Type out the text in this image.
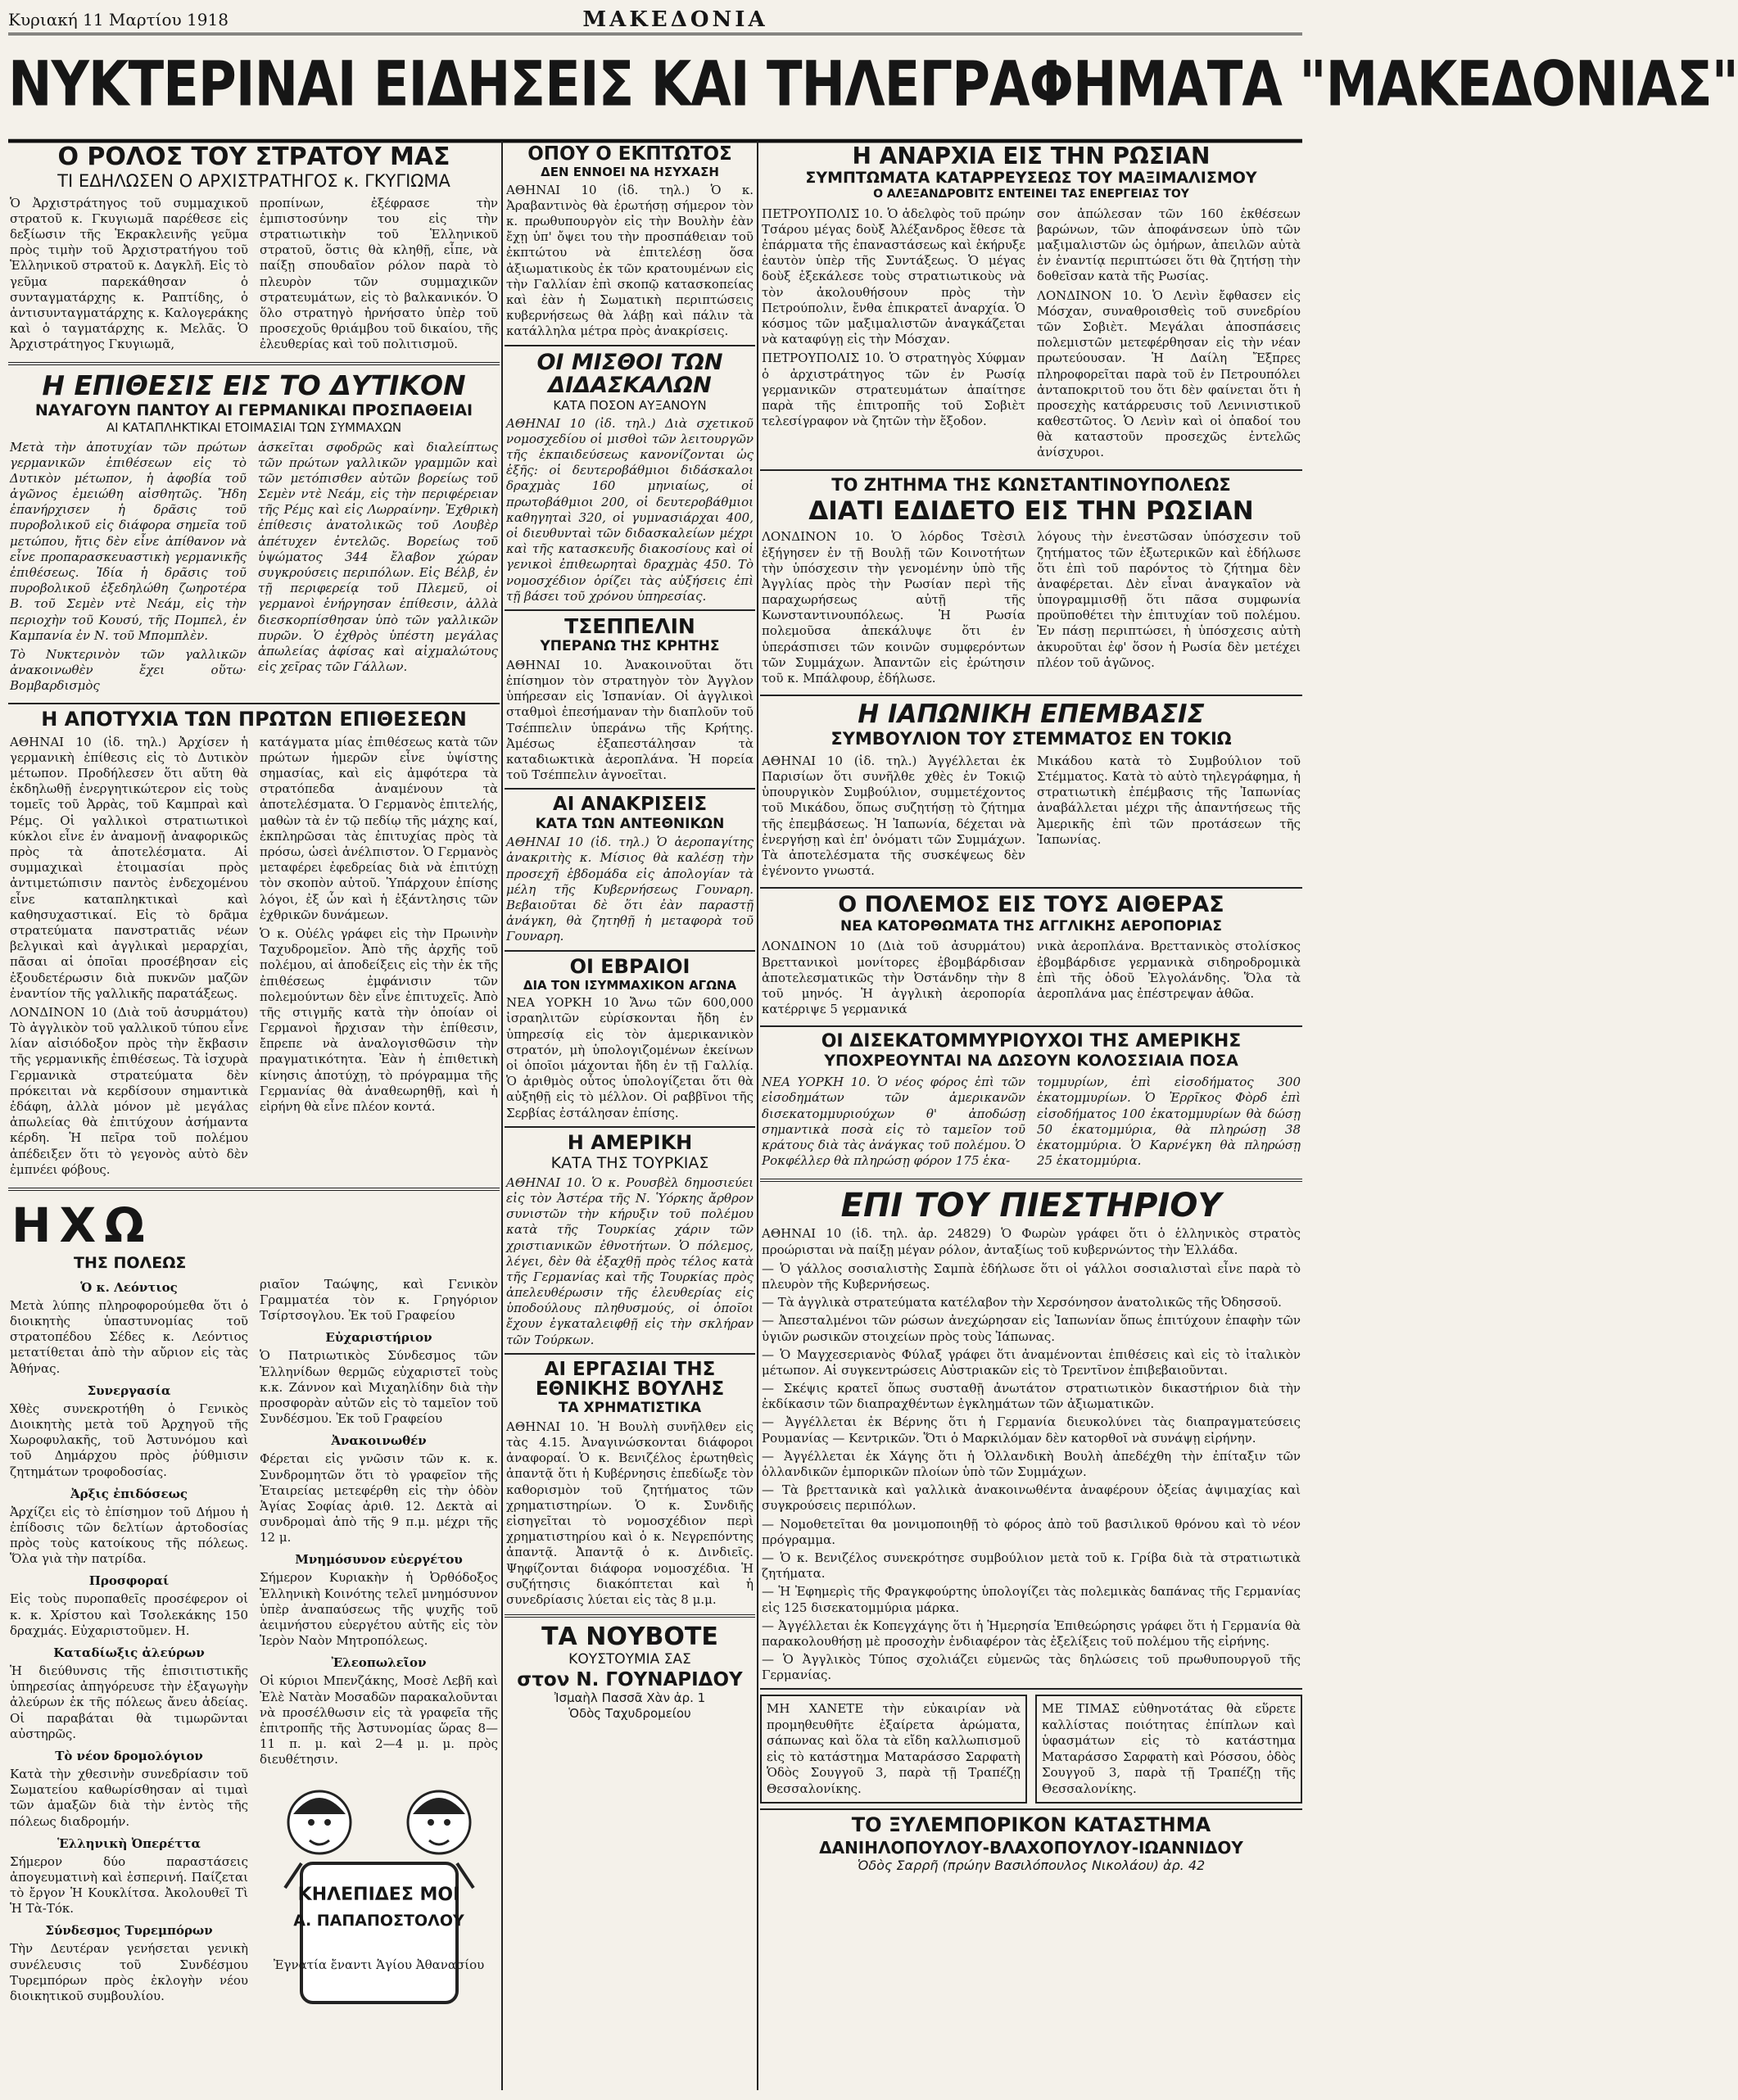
Κυριακή 11 Μαρτίου 1918	ΜΑΚΕΔΟΝΙΑ
ΝΥΚΤΕΡΙΝΑΙ ΕΙΔΗΣΕΙΣ ΚΑΙ ΤΗΛΕΓΡΑΦΗΜΑΤΑ "ΜΑΚΕΔΟΝΙΑΣ"
Ο ΡΟΛΟΣ ΤΟΥ ΣΤΡΑΤΟΥ ΜΑΣ
ΤΙ ΕΔΗΛΩΣΕΝ Ο ΑΡΧΙΣΤΡΑΤΗΓΟΣ κ. ΓΚΥΓΙΩΜΑ
Ὁ Ἀρχιστράτηγος τοῦ συμμαχικοῦ στρατοῦ κ. Γκυγιωμᾶ παρέθεσε εἰς δεξίωσιν τῆς Ἑκρακλεινῆς γεῦμα πρὸς τιμὴν τοῦ Ἀρχιστρατήγου τοῦ Ἑλληνικοῦ στρατοῦ κ. Δαγκλῆ. Εἰς τὸ γεῦμα παρεκάθησαν ὁ συνταγματάρχης κ. Ραπτίδης, ὁ ἀντισυνταγματάρχης κ. Καλογεράκης καὶ ὁ ταγματάρχης κ. Μελᾶς. Ὁ Ἀρχιστράτηγος Γκυγιωμᾶ,
προπίνων, ἐξέφρασε τὴν ἐμπιστοσύνην του εἰς τὴν στρατιωτικὴν τοῦ Ἑλληνικοῦ στρατοῦ, ὅστις θὰ κληθῇ, εἶπε, νὰ παίξῃ σπουδαῖον ρόλον παρὰ τὸ πλευρὸν τῶν συμμαχικῶν στρατευμάτων, εἰς τὸ βαλκανικόν. Ὁ ὅλο στρατηγὸ ἠρνήσατο ὑπὲρ τοῦ προσεχοῦς θριάμβου τοῦ δικαίου, τῆς ἐλευθερίας καὶ τοῦ πολιτισμοῦ.
Η ΕΠΙΘΕΣΙΣ ΕΙΣ ΤΟ ΔΥΤΙΚΟΝ
ΝΑΥΑΓΟΥΝ ΠΑΝΤΟΥ ΑΙ ΓΕΡΜΑΝΙΚΑΙ ΠΡΟΣΠΑΘΕΙΑΙ
ΑΙ ΚΑΤΑΠΛΗΚΤΙΚΑΙ ΕΤΟΙΜΑΣΙΑΙ ΤΩΝ ΣΥΜΜΑΧΩΝ
Μετὰ τὴν ἀποτυχίαν τῶν πρώτων γερμανικῶν ἐπιθέσεων εἰς τὸ Δυτικὸν μέτωπον, ἡ ἀφοβία τοῦ ἀγῶνος ἐμειώθη αἰσθητῶς. Ἤδη ἐπανήρχισεν ἡ δρᾶσις τοῦ πυροβολικοῦ εἰς διάφορα σημεῖα τοῦ μετώπου, ἤτις δὲν εἶνε ἀπίθανον νὰ εἶνε προπαρασκευαστικὴ γερμανικῆς ἐπιθέσεως. Ἰδία ἡ δρᾶσις τοῦ πυροβολικοῦ ἐξεδηλώθη ζωηροτέρα Β. τοῦ Σεμὲν ντὲ Νεάμ, εἰς τὴν περιοχὴν τοῦ Κουσύ, τῆς Πομπελ, ἐν Καμπανία ἐν Ν. τοῦ Μπομπλὲν.
Τὸ Νυκτερινὸν τῶν γαλλικῶν ἀνακοινωθὲν ἔχει οὕτω· Βομβαρδισμὸς
ἀσκεῖται σφοδρῶς καὶ διαλείπτως τῶν πρώτων γαλλικῶν γραμμῶν καὶ τῶν μετόπισθεν αὐτῶν βορείως τοῦ Σεμὲν ντὲ Νεάμ, εἰς τὴν περιφέρειαν τῆς Ρέμς καὶ εἰς Λωρραίνην. Ἐχθρικὴ ἐπίθεσις ἀνατολικῶς τοῦ Λουβὲρ ἀπέτυχεν ἐντελῶς. Βορείως τοῦ ὑψώματος 344 ἔλαβον χώραν συγκρούσεις περιπόλων. Εἰς Βέλβ, ἐν τῇ περιφερείᾳ τοῦ Πλεμεῦ, οἱ γερμανοὶ ἐνήργησαν ἐπίθεσιν, ἀλλὰ διεσκορπίσθησαν ὑπὸ τῶν γαλλικῶν πυρῶν. Ὁ ἐχθρὸς ὑπέστη μεγάλας ἀπωλείας ἀφίσας καὶ αἰχμαλώτους εἰς χεῖρας τῶν Γάλλων.
Η ΑΠΟΤΥΧΙΑ ΤΩΝ ΠΡΩΤΩΝ ΕΠΙΘΕΣΕΩΝ
ΑΘΗΝΑΙ 10 (ἰδ. τηλ.) Ἀρχίσεν ἡ γερμανικὴ ἐπίθεσις εἰς τὸ Δυτικὸν μέτωπον. Προδήλεσεν ὅτι αὕτη θὰ ἐκδηλωθῇ ἐνεργητικώτερον εἰς τοὺς τομεῖς τοῦ Ἀρρὰς, τοῦ Καμπραὶ καὶ Ρέμς. Οἱ γαλλικοὶ στρατιωτικοὶ κύκλοι εἶνε ἐν ἀναμονῇ ἀναφορικῶς πρὸς τὰ ἀποτελέσματα. Αἱ συμμαχικαὶ ἑτοιμασίαι πρὸς ἀντιμετώπισιν παντὸς ἐνδεχομένου εἶνε καταπληκτικαὶ καὶ καθησυχαστικαί. Εἰς τὸ δρᾶμα στρατεύματα πανστρατιᾶς νέων βελγικαὶ καὶ ἀγγλικαὶ μεραρχίαι, πᾶσαι αἱ ὁποῖαι προσέβησαν εἰς ἐξουδετέρωσιν διὰ πυκνῶν μαζῶν ἐναντίον τῆς γαλλικῆς παρατάξεως.
ΛΟΝΔΙΝΟΝ 10 (Διὰ τοῦ ἀσυρμάτου) Τὸ ἀγγλικὸν τοῦ γαλλικοῦ τύπου εἶνε λίαν αἰσιόδοξον πρὸς τὴν ἔκβασιν τῆς γερμανικῆς ἐπιθέσεως. Τὰ ἰσχυρὰ Γερμανικὰ στρατεύματα δὲν πρόκειται νὰ κερδίσουν σημαντικὰ ἐδάφη, ἀλλὰ μόνον μὲ μεγάλας ἀπωλείας θὰ ἐπιτύχουν ἀσήμαντα κέρδη. Ἡ πεῖρα τοῦ πολέμου ἀπέδειξεν ὅτι τὸ γεγονὸς αὐτὸ δὲν ἐμπνέει φόβους.
κατάγματα μίας ἐπιθέσεως κατὰ τῶν πρώτων ἡμερῶν εἶνε ὑψίστης σημασίας, καὶ εἰς ἀμφότερα τὰ στρατόπεδα ἀναμένουν τὰ ἀποτελέσματα. Ὁ Γερμανὸς ἐπιτελής, μαθὼν τὰ ἐν τῷ πεδίῳ τῆς μάχης καί, ἐκπληρῶσαι τὰς ἐπιτυχίας πρὸς τὰ πρόσω, ὡσεὶ ἀνέλπιστον. Ὁ Γερμανὸς μεταφέρει ἐφεδρείας διὰ νὰ ἐπιτύχῃ τὸν σκοπὸν αὐτοῦ. Ὑπάρχουν ἐπίσης λόγοι, ἐξ ὧν καὶ ἡ ἐξάντλησις τῶν ἐχθρικῶν δυνάμεων.
Ὁ κ. Οὐέλς γράφει εἰς τὴν Πρωινὴν Ταχυδρομεῖον. Ἀπὸ τῆς ἀρχῆς τοῦ πολέμου, αἱ ἀποδείξεις εἰς τὴν ἐκ τῆς ἐπιθέσεως ἐμφάνισιν τῶν πολεμούντων δὲν εἶνε ἐπιτυχεῖς. Ἀπὸ τῆς στιγμῆς κατὰ τὴν ὁποίαν οἱ Γερμανοὶ ἤρχισαν τὴν ἐπίθεσιν, ἔπρεπε νὰ ἀναλογισθῶσιν τὴν πραγματικότητα. Ἐὰν ἡ ἐπιθετικὴ κίνησις ἀποτύχῃ, τὸ πρόγραμμα τῆς Γερμανίας θὰ ἀναθεωρηθῇ, καὶ ἡ εἰρήνη θὰ εἶνε πλέον κοντά.
ΗΧΩ
ΤΗΣ ΠΟΛΕΩΣ
Ὁ κ. Λεόντιος
Μετὰ λύπης πληροφορούμεθα ὅτι ὁ διοικητὴς ὑπαστυνομίας τοῦ στρατοπέδου Σέδες κ. Λεόντιος μετατίθεται ἀπὸ τὴν αὔριον εἰς τὰς Ἀθήνας.
Συνεργασία
Χθὲς συνεκροτήθη ὁ Γενικὸς Διοικητὴς μετὰ τοῦ Ἀρχηγοῦ τῆς Χωροφυλακῆς, τοῦ Ἀστυνόμου καὶ τοῦ Δημάρχου πρὸς ῥύθμισιν ζητημάτων τροφοδοσίας.
Ἀρξις ἐπιδόσεως
Ἀρχίζει εἰς τὸ ἐπίσημον τοῦ Δήμου ἡ ἐπίδοσις τῶν δελτίων ἀρτοδοσίας πρὸς τοὺς κατοίκους τῆς πόλεως. Ὅλα γιὰ τὴν πατρίδα.
Προσφοραί
Εἰς τοὺς πυροπαθεῖς προσέφερον οἱ κ. κ. Χρίστου καὶ Τσολεκάκης 150 δραχμάς. Εὐχαριστοῦμεν. Η.
Καταδίωξις ἀλεύρων
Ἡ διεύθυνσις τῆς ἐπισιτιστικῆς ὑπηρεσίας ἀπηγόρευσε τὴν ἐξαγωγὴν ἀλεύρων ἐκ τῆς πόλεως ἄνευ ἀδείας. Οἱ παραβάται θὰ τιμωρῶνται αὐστηρῶς.
Τὸ νέον δρομολόγιον
Κατὰ τὴν χθεσινὴν συνεδρίασιν τοῦ Σωματείου καθωρίσθησαν αἱ τιμαὶ τῶν ἁμαξῶν διὰ τὴν ἐντὸς τῆς πόλεως διαδρομήν.
Ἑλληνικὴ Ὀπερέττα
Σήμερον δύο παραστάσεις ἀπογευματινὴ καὶ ἑσπερινή. Παίζεται τὸ ἔργον Ἡ Κουκλίτσα. Ἀκολουθεῖ Τὶ Ἡ Τὰ-Τόκ.
Σύνδεσμος Τυρεμπόρων
Τὴν Δευτέραν γενήσεται γενικὴ συνέλευσις τοῦ Συνδέσμου Τυρεμπόρων πρὸς ἐκλογὴν νέου διοικητικοῦ συμβουλίου.
ριαῖον Ταώψης, καὶ Γενικὸν Γραμματέα τὸν κ. Γρηγόριον Τσίρτσογλου. Ἐκ τοῦ Γραφείου
Εὐχαριστήριον
Ὁ Πατριωτικὸς Σύνδεσμος τῶν Ἑλληνίδων θερμῶς εὐχαριστεῖ τοὺς κ.κ. Ζάννον καὶ Μιχαηλίδην διὰ τὴν προσφορὰν αὐτῶν εἰς τὸ ταμεῖον τοῦ Συνδέσμου. Ἐκ τοῦ Γραφείου
Ἀνακοινωθέν
Φέρεται εἰς γνῶσιν τῶν κ. κ. Συνδρομητῶν ὅτι τὸ γραφεῖον τῆς Ἐταιρείας μετεφέρθη εἰς τὴν ὁδὸν Ἁγίας Σοφίας ἀριθ. 12. Δεκτὰ αἱ συνδρομαὶ ἀπὸ τῆς 9 π.μ. μέχρι τῆς 12 μ.
Μνημόσυνον εὐεργέτου
Σήμερον Κυριακὴν ἡ Ὀρθόδοξος Ἑλληνικὴ Κοινότης τελεῖ μνημόσυνον ὑπὲρ ἀναπαύσεως τῆς ψυχῆς τοῦ ἀειμνήστου εὐεργέτου αὐτῆς εἰς τὸν Ἱερὸν Ναὸν Μητροπόλεως.
Ἐλεοπωλεῖον
Οἱ κύριοι Μπενζάκης, Μοσὲ Λεβῆ καὶ Ἐλὲ Νατὰν Μοσαδῶν παρακαλοῦνται νὰ προσέλθωσιν εἰς τὰ γραφεῖα τῆς ἐπιτροπῆς τῆς Ἀστυνομίας ὥρας 8—11 π. μ. καὶ 2—4 μ. μ. πρὸς διευθέτησιν.
ΚΗΛΕΠΙΔΕΣ ΜΟΙ
Α. ΠΑΠΑΠΟΣΤΟΛΟΥ
Ἐγνατία ἔναντι Ἁγίου Ἀθανασίου
ΟΠΟΥ Ο ΕΚΠΤΩΤΟΣ
ΔΕΝ ΕΝΝΟΕΙ ΝΑ ΗΣΥΧΑΣΗ
ΑΘΗΝΑΙ 10 (ἰδ. τηλ.) Ὁ κ. Ἀραβαντινὸς θὰ ἐρωτήσῃ σήμερον τὸν κ. πρωθυπουργὸν εἰς τὴν Βουλὴν ἐὰν ἔχῃ ὑπ' ὄψει του τὴν προσπάθειαν τοῦ ἐκπτώτου νὰ ἐπιτελέσῃ ὅσα ἀξιωματικοὺς ἐκ τῶν κρατουμένων εἰς τὴν Γαλλίαν ἐπὶ σκοπῷ κατασκοπείας καὶ ἐὰν ἡ Σωματικὴ περιπτώσεις κυβερνήσεως θὰ λάβῃ καὶ πάλιν τὰ κατάλληλα μέτρα πρὸς ἀνακρίσεις.
ΟΙ ΜΙΣΘΟΙ ΤΩΝ ΔΙΔΑΣΚΑΛΩΝ
ΚΑΤΑ ΠΟΣΟΝ ΑΥΞΑΝΟΥΝ
ΑΘΗΝΑΙ 10 (ἰδ. τηλ.) Διὰ σχετικοῦ νομοσχεδίου οἱ μισθοὶ τῶν λειτουργῶν τῆς ἐκπαιδεύσεως κανονίζονται ὡς ἑξῆς: οἱ δευτεροβάθμιοι διδάσκαλοι δραχμὰς 160 μηνιαίως, οἱ πρωτοβάθμιοι 200, οἱ δευτεροβάθμιοι καθηγηταὶ 320, οἱ γυμνασιάρχαι 400, οἱ διευθυνταὶ τῶν διδασκαλείων μέχρι καὶ τῆς κατασκευῆς διακοσίους καὶ οἱ γενικοὶ ἐπιθεωρηταὶ δραχμὰς 450. Τὸ νομοσχέδιον ὁρίζει τὰς αὐξήσεις ἐπὶ τῇ βάσει τοῦ χρόνου ὑπηρεσίας.
ΤΣΕΠΠΕΛΙΝ
ΥΠΕΡΑΝΩ ΤΗΣ ΚΡΗΤΗΣ
ΑΘΗΝΑΙ 10. Ἀνακοινοῦται ὅτι ἐπίσημον τὸν στρατηγὸν τὸν Ἀγγλον ὑπήρεσαν εἰς Ἰσπανίαν. Οἱ ἀγγλικοὶ σταθμοὶ ἐπεσήμαναν τὴν διαπλοῦν τοῦ Τσέππελιν ὑπεράνω τῆς Κρήτης. Ἀμέσως ἐξαπεστάλησαν τὰ καταδιωκτικὰ ἀεροπλάνα. Ἡ πορεία τοῦ Τσέππελιν ἀγνοεῖται.
ΑΙ ΑΝΑΚΡΙΣΕΙΣ
ΚΑΤΑ ΤΩΝ ΑΝΤΕΘΝΙΚΩΝ
ΑΘΗΝΑΙ 10 (ἰδ. τηλ.) Ὁ ἀεροπαγίτης ἀνακριτὴς κ. Μίσιος θὰ καλέσῃ τὴν προσεχῆ ἑβδομάδα εἰς ἀπολογίαν τὰ μέλη τῆς Κυβερνήσεως Γουναρη. Βεβαιοῦται δὲ ὅτι ἐὰν παραστῇ ἀνάγκη, θὰ ζητηθῇ ἡ μεταφορὰ τοῦ Γουναρη.
ΟΙ ΕΒΡΑΙΟΙ
ΔΙΑ ΤΟΝ ΙΣΥΜΜΑΧΙΚΟΝ ΑΓΩΝΑ
ΝΕΑ ΥΟΡΚΗ 10 Ἄνω τῶν 600,000 ἰσραηλιτῶν εὑρίσκονται ἤδη ἐν ὑπηρεσίᾳ εἰς τὸν ἀμερικανικὸν στρατόν, μὴ ὑπολογιζομένων ἐκείνων οἱ ὁποῖοι μάχονται ἤδη ἐν τῇ Γαλλίᾳ. Ὁ ἀριθμὸς οὗτος ὑπολογίζεται ὅτι θὰ αὐξηθῇ εἰς τὸ μέλλον. Οἱ ραββῖνοι τῆς Σερβίας ἐστάλησαν ἐπίσης.
Η ΑΜΕΡΙΚΗ
ΚΑΤΑ ΤΗΣ ΤΟΥΡΚΙΑΣ
ΑΘΗΝΑΙ 10. Ὁ κ. Ρουσβὲλ δημοσιεύει εἰς τὸν Ἀστέρα τῆς Ν. Ὑόρκης ἄρθρον συνιστῶν τὴν κήρυξιν τοῦ πολέμου κατὰ τῆς Τουρκίας χάριν τῶν χριστιανικῶν ἐθνοτήτων. Ὁ πόλεμος, λέγει, δὲν θὰ ἐξαχθῇ πρὸς τέλος κατὰ τῆς Γερμανίας καὶ τῆς Τουρκίας πρὸς ἀπελευθέρωσιν τῆς ἐλευθερίας εἰς ὑποδούλους πληθυσμούς, οἱ ὁποῖοι ἔχουν ἐγκαταλειφθῇ εἰς τὴν σκλήραν τῶν Τούρκων.
ΑΙ ΕΡΓΑΣΙΑΙ ΤΗΣ ΕΘΝΙΚΗΣ ΒΟΥΛΗΣ
ΤΑ ΧΡΗΜΑΤΙΣΤΙΚΑ
ΑΘΗΝΑΙ 10. Ἡ Βουλὴ συνῆλθεν εἰς τὰς 4.15. Ἀναγινώσκονται διάφοροι ἀναφοραί. Ὁ κ. Βενιζέλος ἐρωτηθεὶς ἀπαντᾷ ὅτι ἡ Κυβέρνησις ἐπεδίωξε τὸν καθορισμὸν τοῦ ζητήματος τῶν χρηματιστηρίων. Ὁ κ. Συνδιῆς εἰσηγεῖται τὸ νομοσχέδιον περὶ χρηματιστηρίου καὶ ὁ κ. Νεγρεπόντης ἀπαντᾷ. Ἀπαντᾷ ὁ κ. Δινδιεῖς. Ψηφίζονται διάφορα νομοσχέδια. Ἡ συζήτησις διακόπτεται καὶ ἡ συνεδρίασις λύεται εἰς τὰς 8 μ.μ.
ΤΑ ΝΟΥΒΟΤΕ
ΚΟΥΣΤΟΥΜΙΑ ΣΑΣ
στον Ν. ΓΟΥΝΑΡΙΔΟΥ
Ἰσμαὴλ Πασσᾶ Χὰν ἀρ. 1
Ὁδὸς Ταχυδρομείου
Η ΑΝΑΡΧΙΑ ΕΙΣ ΤΗΝ ΡΩΣΙΑΝ
ΣΥΜΠΤΩΜΑΤΑ ΚΑΤΑΡΡΕΥΣΕΩΣ ΤΟΥ ΜΑΞΙΜΑΛΙΣΜΟΥ
Ο ΑΛΕΞΑΝΔΡΟΒΙΤΣ ΕΝΤΕΙΝΕΙ ΤΑΣ ΕΝΕΡΓΕΙΑΣ ΤΟΥ
ΠΕΤΡΟΥΠΟΛΙΣ 10. Ὁ ἀδελφὸς τοῦ πρώην Τσάρου μέγας δοὺξ Ἀλέξανδρος ἔθεσε τὰ ἐπάρματα τῆς ἐπαναστάσεως καὶ ἐκήρυξε ἑαυτὸν ὑπὲρ τῆς Συντάξεως. Ὁ μέγας δοὺξ ἐξεκάλεσε τοὺς στρατιωτικοὺς νὰ τὸν ἀκολουθήσουν πρὸς τὴν Πετρούπολιν, ἔνθα ἐπικρατεῖ ἀναρχία. Ὁ κόσμος τῶν μαξιμαλιστῶν ἀναγκάζεται νὰ καταφύγῃ εἰς τὴν Μόσχαν.
ΠΕΤΡΟΥΠΟΛΙΣ 10. Ὁ στρατηγὸς Χύφμαν ὁ ἀρχιστράτηγος τῶν ἐν Ρωσίᾳ γερμανικῶν στρατευμάτων ἀπαίτησε παρὰ τῆς ἐπιτροπῆς τοῦ Σοβιὲτ τελεσίγραφον νὰ ζητῶν τὴν ἔξοδον.
σον ἀπώλεσαν τῶν 160 ἐκθέσεων βαρώνων, τῶν ἀποφάνσεων ὑπὸ τῶν μαξιμαλιστῶν ὡς ὁμήρων, ἀπειλῶν αὐτὰ ἐν ἐναντίᾳ περιπτώσει ὅτι θὰ ζητήσῃ τὴν δοθεῖσαν κατὰ τῆς Ρωσίας.
ΛΟΝΔΙΝΟΝ 10. Ὁ Λενὶν ἔφθασεν εἰς Μόσχαν, συναθροισθεὶς τοῦ συνεδρίου τῶν Σοβιὲτ. Μεγάλαι ἀποσπάσεις πολεμιστῶν μετεφέρθησαν εἰς τὴν νέαν πρωτεύουσαν. Ἡ Δαίλη Ἔξπρες πληροφορεῖται παρὰ τοῦ ἐν Πετρουπόλει ἀνταποκριτοῦ του ὅτι δὲν φαίνεται ὅτι ἡ προσεχὴς κατάρρευσις τοῦ Λενινιστικοῦ καθεστῶτος. Ὁ Λενὶν καὶ οἱ ὀπαδοί του θὰ καταστοῦν προσεχῶς ἐντελῶς ἀνίσχυροι.
ΤΟ ΖΗΤΗΜΑ ΤΗΣ ΚΩΝΣΤΑΝΤΙΝΟΥΠΟΛΕΩΣ
ΔΙΑΤΙ ΕΔΙΔΕΤΟ ΕΙΣ ΤΗΝ ΡΩΣΙΑΝ
ΛΟΝΔΙΝΟΝ 10. Ὁ λόρδος Τσὲσιλ ἐξήγησεν ἐν τῇ Βουλῇ τῶν Κοινοτήτων τὴν ὑπόσχεσιν τὴν γενομένην ὑπὸ τῆς Ἀγγλίας πρὸς τὴν Ρωσίαν περὶ τῆς παραχωρήσεως αὐτῇ τῆς Κωνσταντινουπόλεως. Ἡ Ρωσία πολεμοῦσα ἀπεκάλυψε ὅτι ἐν ὑπεράσπισει τῶν κοινῶν συμφερόντων τῶν Συμμάχων. Ἀπαντῶν εἰς ἐρώτησιν τοῦ κ. Μπάλφουρ, ἐδήλωσε.
λόγους τὴν ἐνεστῶσαν ὑπόσχεσιν τοῦ ζητήματος τῶν ἐξωτερικῶν καὶ ἐδήλωσε ὅτι ἐπὶ τοῦ παρόντος τὸ ζήτημα δὲν ἀναφέρεται. Δὲν εἶναι ἀναγκαῖον νὰ ὑπογραμμισθῇ ὅτι πᾶσα συμφωνία προϋποθέτει τὴν ἐπιτυχίαν τοῦ πολέμου. Ἐν πάσῃ περιπτώσει, ἡ ὑπόσχεσις αὐτὴ ἀκυροῦται ἐφ' ὅσον ἡ Ρωσία δὲν μετέχει πλέον τοῦ ἀγῶνος.
Η ΙΑΠΩΝΙΚΗ ΕΠΕΜΒΑΣΙΣ
ΣΥΜΒΟΥΛΙΟΝ ΤΟΥ ΣΤΕΜΜΑΤΟΣ ΕΝ ΤΟΚΙΩ
ΑΘΗΝΑΙ 10 (ἰδ. τηλ.) Ἀγγέλλεται ἐκ Παρισίων ὅτι συνῆλθε χθὲς ἐν Τοκιῷ ὑπουργικὸν Συμβούλιον, συμμετέχοντος τοῦ Μικάδου, ὅπως συζητήσῃ τὸ ζήτημα τῆς ἐπεμβάσεως. Ἡ Ἰαπωνία, δέχεται νὰ ἐνεργήσῃ καὶ ἐπ' ὀνόματι τῶν Συμμάχων. Τὰ ἀποτελέσματα τῆς συσκέψεως δὲν ἐγένοντο γνωστά.
Μικάδου κατὰ τὸ Συμβούλιον τοῦ Στέμματος. Κατὰ τὸ αὐτὸ τηλεγράφημα, ἡ στρατιωτικὴ ἐπέμβασις τῆς Ἰαπωνίας ἀναβάλλεται μέχρι τῆς ἀπαντήσεως τῆς Ἀμερικῆς ἐπὶ τῶν προτάσεων τῆς Ἰαπωνίας.
Ο ΠΟΛΕΜΟΣ ΕΙΣ ΤΟΥΣ ΑΙΘΕΡΑΣ
ΝΕΑ ΚΑΤΟΡΘΩΜΑΤΑ ΤΗΣ ΑΓΓΛΙΚΗΣ ΑΕΡΟΠΟΡΙΑΣ
ΛΟΝΔΙΝΟΝ 10 (Διὰ τοῦ ἀσυρμάτου) Βρεττανικοὶ μονίτορες ἐβομβάρδισαν ἀποτελεσματικῶς τὴν Ὀστάνδην τὴν 8 τοῦ μηνός. Ἡ ἀγγλικὴ ἀεροπορία κατέρριψε 5 γερμανικά
νικὰ ἀεροπλάνα. Βρεττανικὸς στολίσκος ἐβομβάρδισε γερμανικὰ σιδηροδρομικὰ ἐπὶ τῆς ὁδοῦ Ἐλγολάνδης. Ὅλα τὰ ἀεροπλάνα μας ἐπέστρεψαν ἀθῶα.
ΟΙ ΔΙΣΕΚΑΤΟΜΜΥΡΙΟΥΧΟΙ ΤΗΣ ΑΜΕΡΙΚΗΣ
ΥΠΟΧΡΕΟΥΝΤΑΙ ΝΑ ΔΩΣΟΥΝ ΚΟΛΟΣΣΙΑΙΑ ΠΟΣΑ
ΝΕΑ ΥΟΡΚΗ 10. Ὁ νέος φόρος ἐπὶ τῶν εἰσοδημάτων τῶν ἀμερικανῶν δισεκατομμυριούχων θ' ἀποδώσῃ σημαντικὰ ποσὰ εἰς τὸ ταμεῖον τοῦ κράτους διὰ τὰς ἀνάγκας τοῦ πολέμου. Ὁ Ροκφέλλερ θὰ πληρώσῃ φόρον 175 ἑκα-
τομμυρίων, ἐπὶ εἰσοδήματος 300 ἑκατομμυρίων. Ὁ Ἐρρῖκος Φὸρδ ἐπὶ εἰσοδήματος 100 ἑκατομμυρίων θὰ δώσῃ 50 ἑκατομμύρια, θὰ πληρώσῃ 38 ἑκατομμύρια. Ὁ Καρνέγκη θὰ πληρώσῃ 25 ἑκατομμύρια.
ΕΠΙ ΤΟΥ ΠΙΕΣΤΗΡΙΟΥ
ΑΘΗΝΑΙ 10 (ἰδ. τηλ. ἀρ. 24829) Ὁ Φωρὼν γράφει ὅτι ὁ ἑλληνικὸς στρατὸς προώρισται νὰ παίξῃ μέγαν ρόλον, ἀνταξίως τοῦ κυβερνώντος τὴν Ἑλλάδα.
— Ὁ γάλλος σοσιαλιστὴς Σαμπὰ ἐδήλωσε ὅτι οἱ γάλλοι σοσιαλισταὶ εἶνε παρὰ τὸ πλευρὸν τῆς Κυβερνήσεως.
— Τὰ ἀγγλικὰ στρατεύματα κατέλαβον τὴν Χερσόνησον ἀνατολικῶς τῆς Ὀδησσοῦ.
— Ἀπεσταλμένοι τῶν ρώσων ἀνεχώρησαν εἰς Ἰαπωνίαν ὅπως ἐπιτύχουν ἐπαφὴν τῶν ὑγιῶν ρωσικῶν στοιχείων πρὸς τοὺς Ἰάπωνας.
— Ὁ Μαγχεσεριανὸς Φύλαξ γράφει ὅτι ἀναμένονται ἐπιθέσεις καὶ εἰς τὸ ἰταλικὸν μέτωπον. Αἱ συγκεντρώσεις Αὐστριακῶν εἰς τὸ Τρεντῖνον ἐπιβεβαιοῦνται.
— Σκέψις κρατεῖ ὅπως συσταθῇ ἀνωτάτον στρατιωτικὸν δικαστήριον διὰ τὴν ἐκδίκασιν τῶν διαπραχθέντων ἐγκλημάτων τῶν ἀξιωματικῶν.
— Ἀγγέλλεται ἐκ Βέρνης ὅτι ἡ Γερμανία διευκολύνει τὰς διαπραγματεύσεις Ρουμανίας — Κεντρικῶν. Ὅτι ὁ Μαρκιλόμαν δὲν κατορθοῖ νὰ συνάψῃ εἰρήνην.
— Ἀγγέλλεται ἐκ Χάγης ὅτι ἡ Ὁλλανδικὴ Βουλὴ ἀπεδέχθη τὴν ἐπίταξιν τῶν ὁλλανδικῶν ἐμπορικῶν πλοίων ὑπὸ τῶν Συμμάχων.
— Τὰ βρεττανικὰ καὶ γαλλικὰ ἀνακοινωθέντα ἀναφέρουν ὀξείας ἀψιμαχίας καὶ συγκρούσεις περιπόλων.
— Νομοθετεῖται θα μονιμοποιηθῇ τὸ φόρος ἀπὸ τοῦ βασιλικοῦ θρόνου καὶ τὸ νέον πρόγραμμα.
— Ὁ κ. Βενιζέλος συνεκρότησε συμβούλιον μετὰ τοῦ κ. Γρίβα διὰ τὰ στρατιωτικὰ ζητήματα.
— Ἡ Ἐφημερὶς τῆς Φραγκφούρτης ὑπολογίζει τὰς πολεμικὰς δαπάνας τῆς Γερμανίας εἰς 125 δισεκατομμύρια μάρκα.
— Ἀγγέλλεται ἐκ Κοπεγχάγης ὅτι ἡ Ἡμερησία Ἐπιθεώρησις γράφει ὅτι ἡ Γερμανία θὰ παρακολουθήσῃ μὲ προσοχὴν ἐνδιαφέρον τὰς ἐξελίξεις τοῦ πολέμου τῆς εἰρήνης.
— Ὁ Ἀγγλικὸς Τύπος σχολιάζει εὐμενῶς τὰς δηλώσεις τοῦ πρωθυπουργοῦ τῆς Γερμανίας.
ΜΗ ΧΑΝΕΤΕ τὴν εὐκαιρίαν νὰ προμηθευθῆτε ἐξαίρετα ἀρώματα, σάπωνας καὶ ὅλα τὰ εἴδη καλλωπισμοῦ εἰς τὸ κατάστημα Ματαράσσο Σαρφατὴ Ὁδὸς Σουγγοῦ 3, παρὰ τῇ Τραπέζῃ Θεσσαλονίκης.
ΜΕ ΤΙΜΑΣ εὐθηνοτάτας θὰ εὕρετε καλλίστας ποιότητας ἐπίπλων καὶ ὑφασμάτων εἰς τὸ κατάστημα Ματαράσσο Σαρφατὴ καὶ Ρόσσου, ὁδὸς Σουγγοῦ 3, παρὰ τῇ Τραπέζῃ τῆς Θεσσαλονίκης.
ΤΟ ΞΥΛΕΜΠΟΡΙΚΟΝ ΚΑΤΑΣΤΗΜΑ
ΔΑΝΙΗΛΟΠΟΥΛΟΥ-ΒΛΑΧΟΠΟΥΛΟΥ-ΙΩΑΝΝΙΔΟΥ
Ὁδὸς Σαρρῆ (πρώην Βασιλόπουλος Νικολάου) ἀρ. 42
